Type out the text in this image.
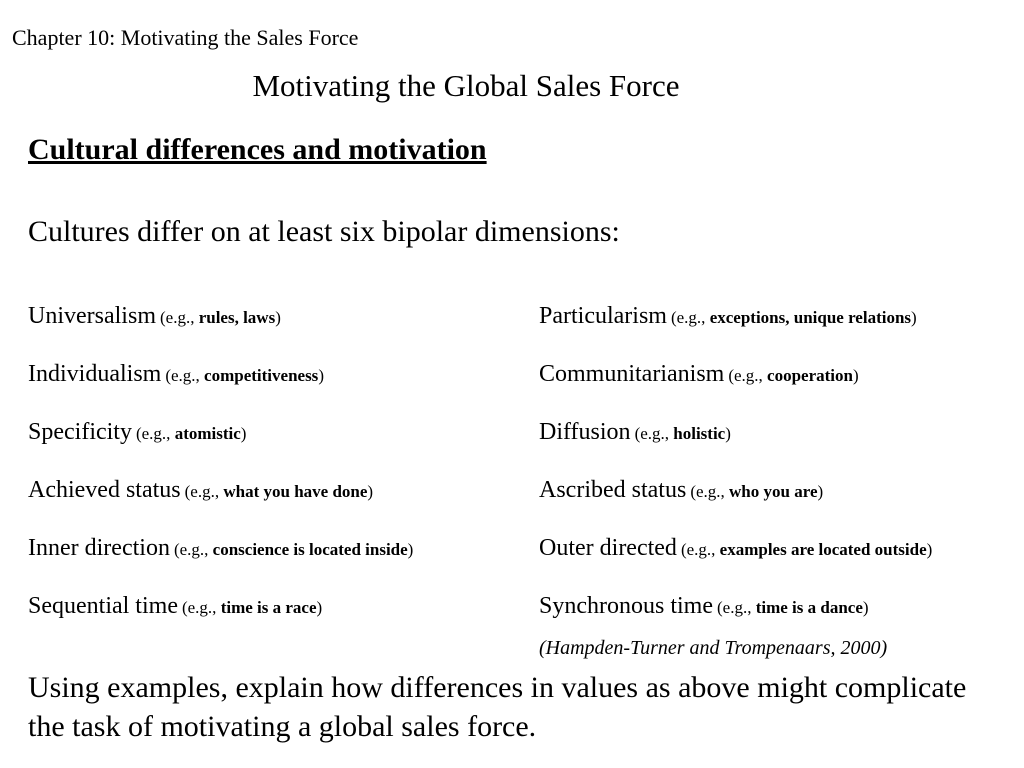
Chapter 10: Motivating the Sales Force
Motivating the Global Sales Force
Cultural differences and motivation
Cultures differ on at least six bipolar dimensions:
Universalism (e.g., rules, laws)	Particularism (e.g., exceptions, unique relations)
Individualism (e.g., competitiveness)	Communitarianism (e.g., cooperation)
Specificity (e.g., atomistic)	Diffusion (e.g., holistic)
Achieved status (e.g., what you have done)	Ascribed status (e.g., who you are)
Inner direction (e.g., conscience is located inside)	Outer directed (e.g., examples are located outside)
Sequential time (e.g., time is a race)	Synchronous time (e.g., time is a dance)
(Hampden-Turner and Trompenaars, 2000)
Using examples, explain how differences in values as above might complicate the task of motivating a global sales force.
